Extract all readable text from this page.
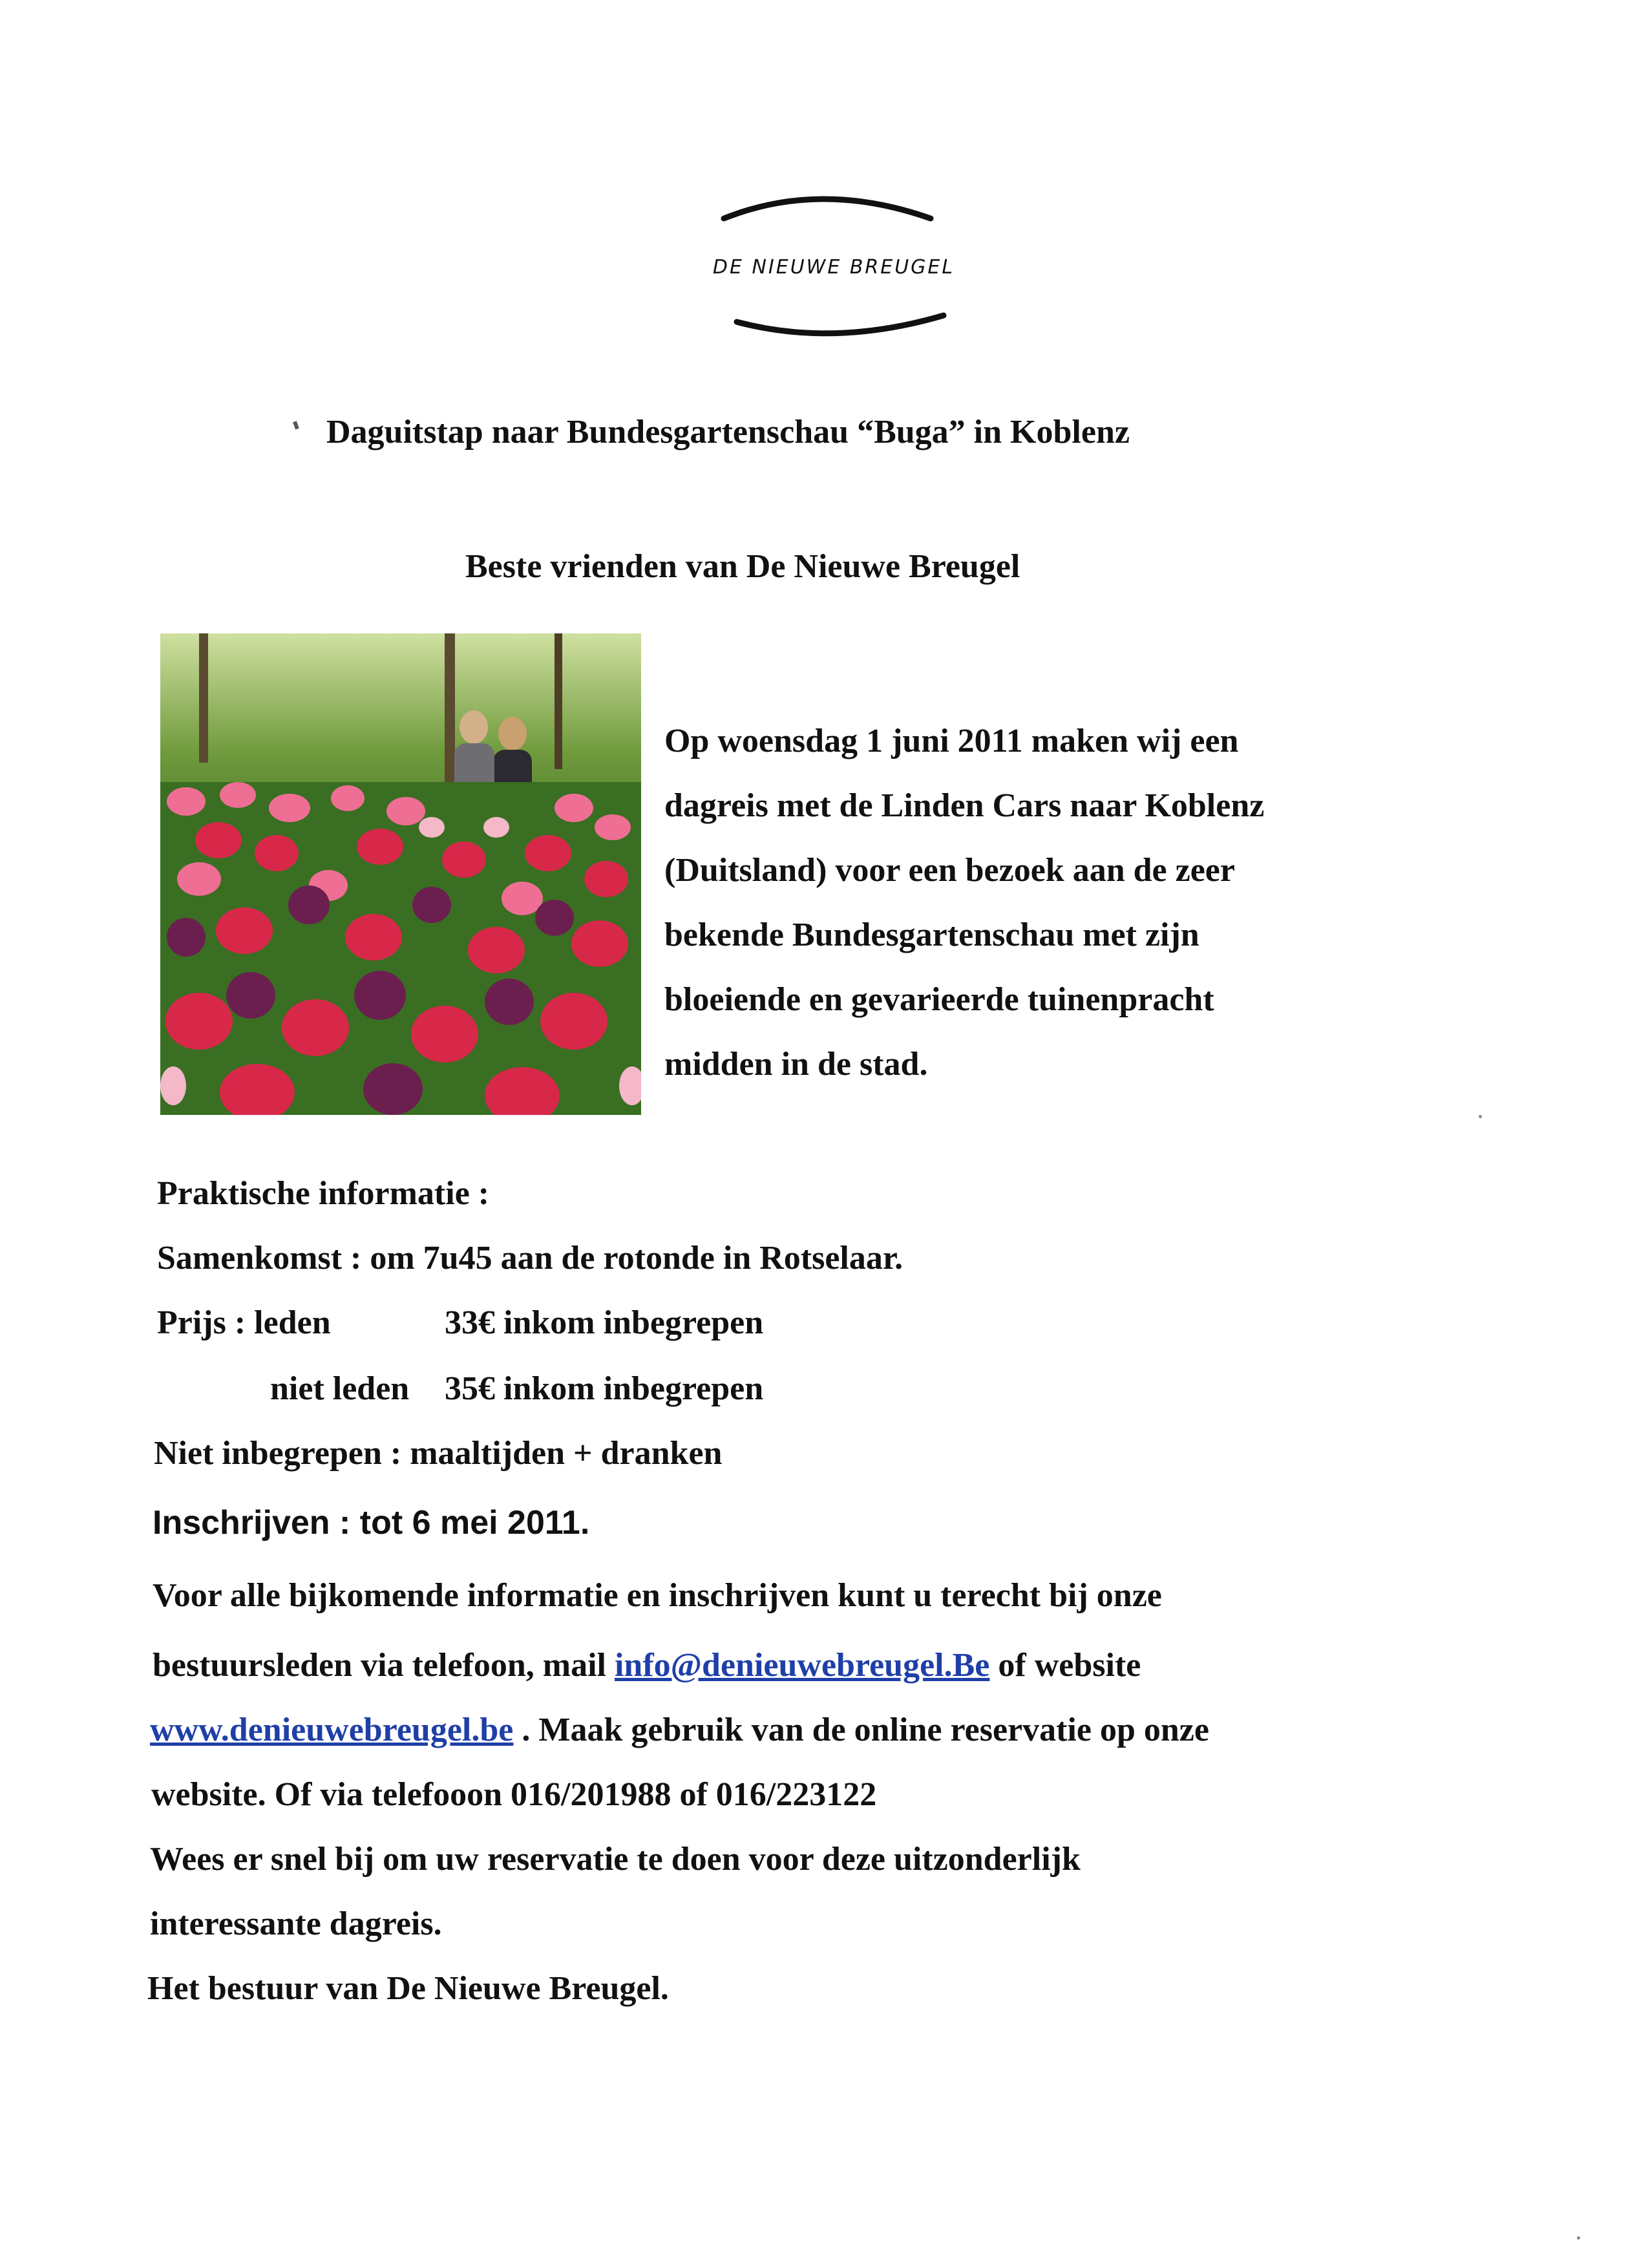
DE NIEUWE BREUGEL
Daguitstap naar Bundesgartenschau “Buga” in Koblenz
Beste vrienden van De Nieuwe Breugel
Op woensdag 1 juni 2011 maken wij een
dagreis met de Linden Cars naar Koblenz
(Duitsland) voor een bezoek aan de zeer
bekende Bundesgartenschau met zijn
bloeiende en gevarieerde tuinenpracht
midden in de stad.
Praktische informatie :
Samenkomst : om 7u45 aan de rotonde in Rotselaar.
Prijs : leden	33€ inkom inbegrepen
niet leden 35€ inkom inbegrepen
Niet inbegrepen : maaltijden + dranken
Inschrijven : tot 6 mei 2011.
Voor alle bijkomende informatie en inschrijven kunt u terecht bij onze
bestuursleden via telefoon, mail info@denieuwebreugel.Be of website
www.denieuwebreugel.be . Maak gebruik van de online reservatie op onze
website. Of via telefooon 016/201988 of 016/223122
Wees er snel bij om uw reservatie te doen voor deze uitzonderlijk
interessante dagreis.
Het bestuur van De Nieuwe Breugel.
